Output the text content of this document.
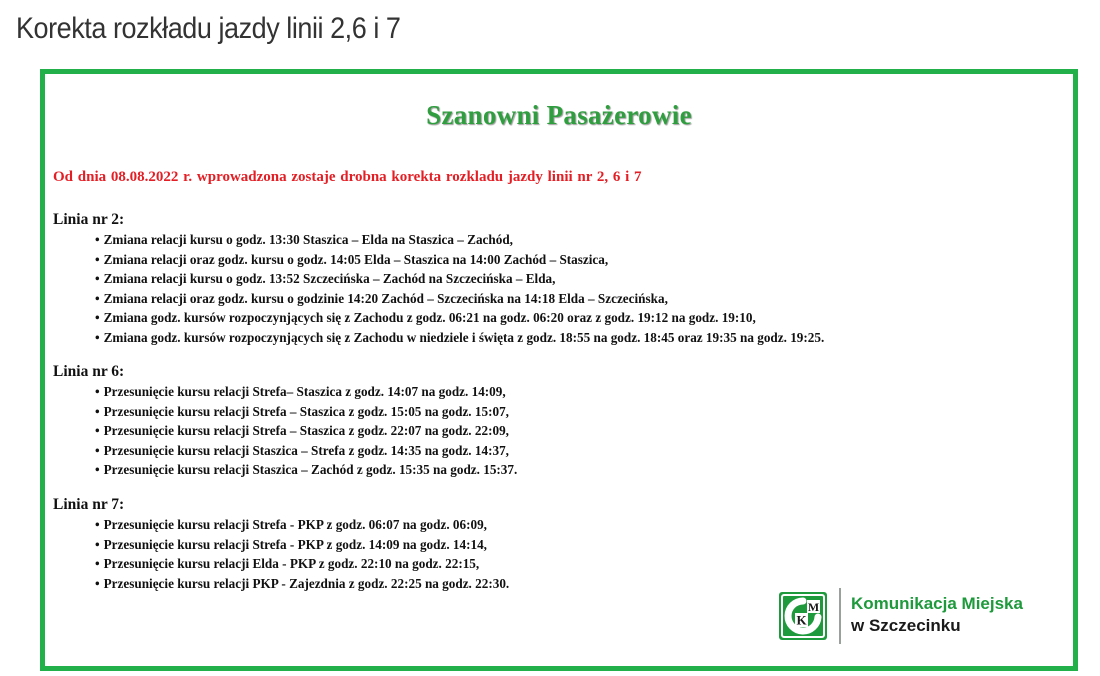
Korekta rozkładu jazdy linii 2,6 i 7
Szanowni Pasażerowie
Od dnia 08.08.2022 r. wprowadzona zostaje drobna korekta rozkladu jazdy linii nr 2, 6 i 7

Linia nr 2:

• Zmiana relacji kursu o godz. 13:30 Staszica – Elda na Staszica – Zachód,
• Zmiana relacji oraz godz. kursu o godz. 14:05 Elda – Staszica na 14:00 Zachód – Staszica,
• Zmiana relacji kursu o godz. 13:52 Szczecińska – Zachód na Szczecińska – Elda,
• Zmiana relacji oraz godz. kursu o godzinie 14:20 Zachód – Szczecińska na 14:18 Elda – Szczecińska,
• Zmiana godz. kursów rozpoczynjących się z Zachodu z godz. 06:21 na godz. 06:20 oraz z godz. 19:12 na godz. 19:10,
• Zmiana godz. kursów rozpoczynjących się z Zachodu w niedziele i święta z godz. 18:55 na godz. 18:45 oraz 19:35 na godz. 19:25.

Linia nr 6:

• Przesunięcie kursu relacji Strefa– Staszica z godz. 14:07 na godz. 14:09,
• Przesunięcie kursu relacji Strefa – Staszica z godz. 15:05 na godz. 15:07,
• Przesunięcie kursu relacji Strefa – Staszica z godz. 22:07 na godz. 22:09,
• Przesunięcie kursu relacji Staszica – Strefa z godz. 14:35 na godz. 14:37,
• Przesunięcie kursu relacji Staszica – Zachód z godz. 15:35 na godz. 15:37.

Linia nr 7:

• Przesunięcie kursu relacji Strefa - PKP z godz. 06:07 na godz. 06:09,
• Przesunięcie kursu relacji Strefa - PKP z godz. 14:09 na godz. 14:14,
• Przesunięcie kursu relacji Elda - PKP z godz. 22:10 na godz. 22:15,
• Przesunięcie kursu relacji PKP - Zajezdnia z godz. 22:25 na godz. 22:30.
K
M Komunikacja Miejska
w Szczecinku
